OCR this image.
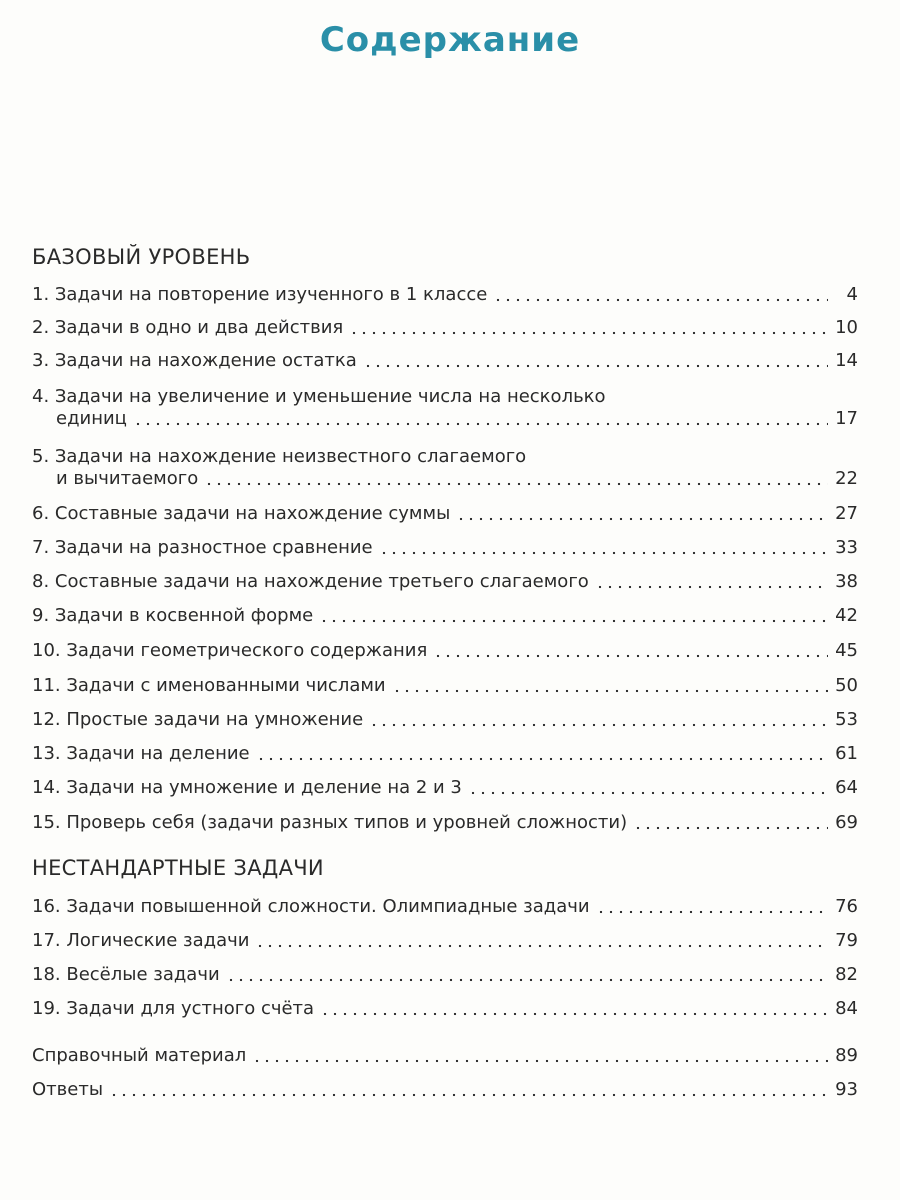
Содержание
БАЗОВЫЙ УРОВЕНЬ
1. Задачи на повторение изученного в 1 классе	4
2. Задачи в одно и два действия	10
3. Задачи на нахождение остатка	14
4. Задачи на увеличение и уменьшение числа на несколько
единиц	17
5. Задачи на нахождение неизвестного слагаемого
и вычитаемого	22
6. Составные задачи на нахождение суммы	27
7. Задачи на разностное сравнение	33
8. Составные задачи на нахождение третьего слагаемого	38
9. Задачи в косвенной форме	42
10. Задачи геометрического содержания	45
11. Задачи с именованными числами	50
12. Простые задачи на умножение	53
13. Задачи на деление	61
14. Задачи на умножение и деление на 2 и 3	64
15. Проверь себя (задачи разных типов и уровней сложности)	69
НЕСТАНДАРТНЫЕ ЗАДАЧИ
16. Задачи повышенной сложности. Олимпиадные задачи	76
17. Логические задачи	79
18. Весёлые задачи	82
19. Задачи для устного счёта	84
Справочный материал	89
Ответы	93
